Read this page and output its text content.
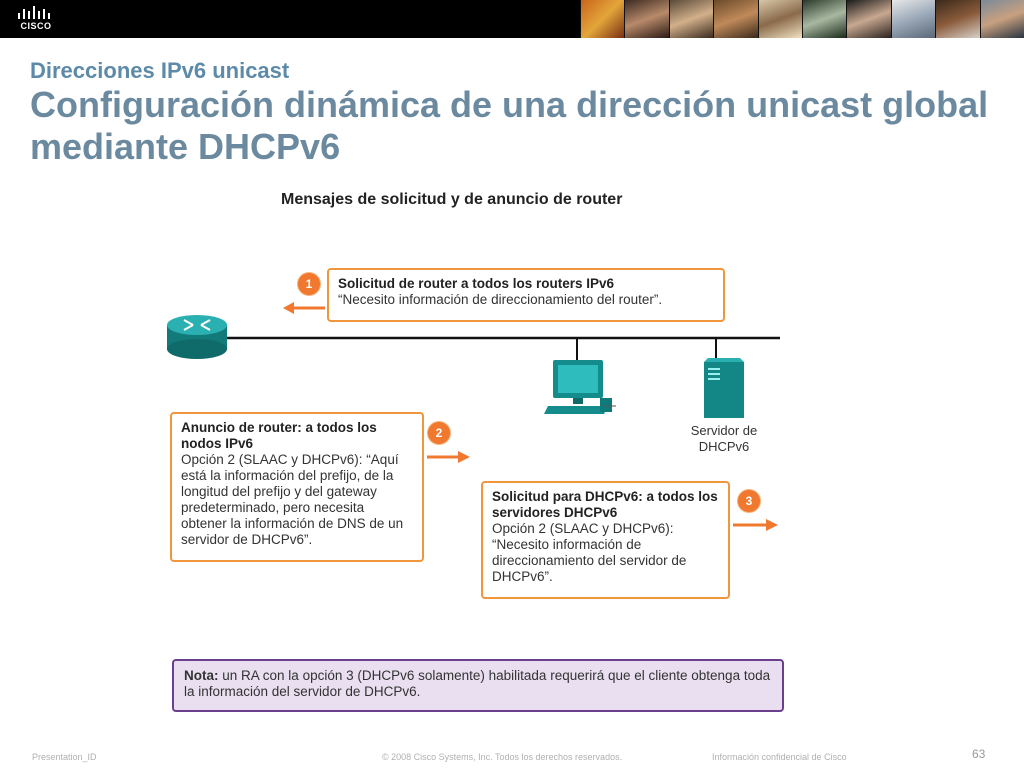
CISCO
Direcciones IPv6 unicast
Configuración dinámica de una dirección unicast global mediante DHCPv6
Mensajes de solicitud y de anuncio de router
1	Solicitud de router a todos los routers IPv6
“Necesito información de direccionamiento del router”.
2
Anuncio de router: a todos los nodos IPv6
Opción 2 (SLAAC y DHCPv6): “Aquí está la información del prefijo, de la longitud del prefijo y del gateway predeterminado, pero necesita obtener la información de DNS de un servidor de DHCPv6”.
3
Solicitud para DHCPv6: a todos los servidores DHCPv6
Opción 2 (SLAAC y DHCPv6): “Necesito información de direccionamiento del servidor de DHCPv6”.
Servidor de DHCPv6
Nota: un RA con la opción 3 (DHCPv6 solamente) habilitada requerirá que el cliente obtenga toda la información del servidor de DHCPv6.
Presentation_ID	© 2008 Cisco Systems, Inc. Todos los derechos reservados.	Información confidencial de Cisco	63
